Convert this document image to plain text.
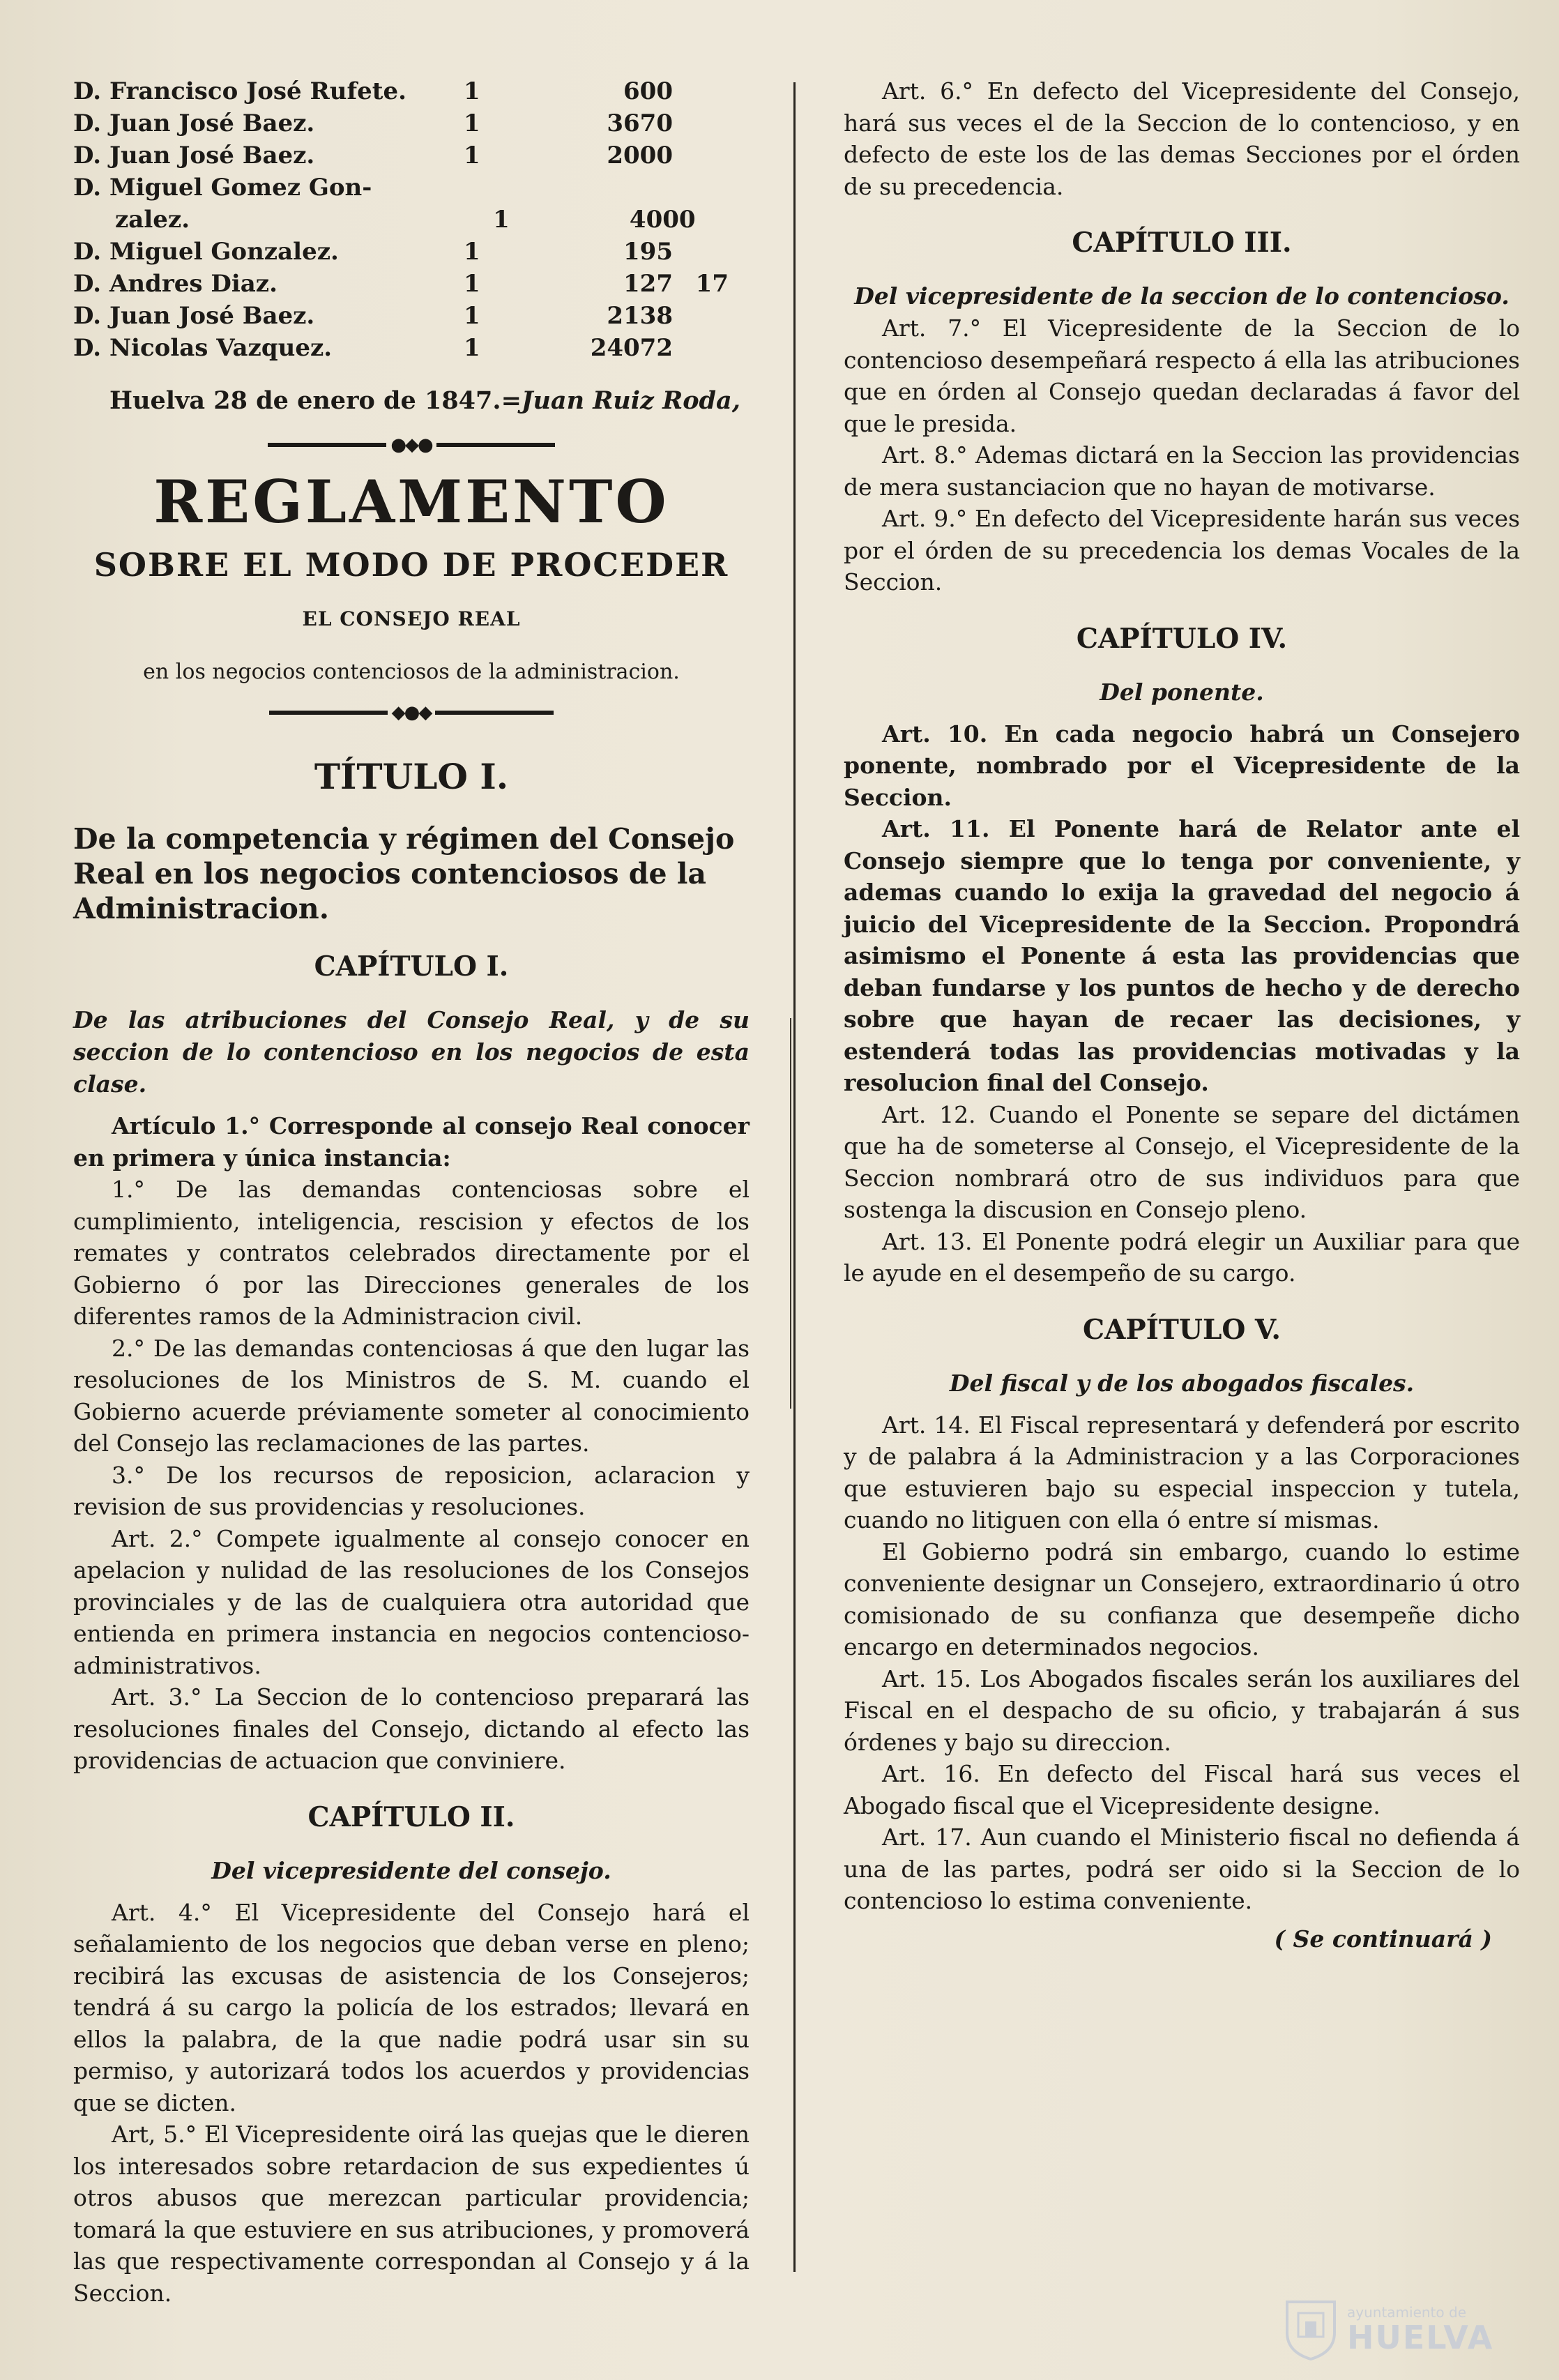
D. Francisco José Rufete.	1	600
D. Juan José Baez.	1	3670
D. Juan José Baez.	1	2000
D. Miguel Gomez Gon-
zalez.	1	4000
D. Miguel Gonzalez.	1	195
D. Andres Diaz.	1	127 17
D. Juan José Baez.	1	2138
D. Nicolas Vazquez.	1	24072

Huelva 28 de enero de 1847.=Juan Ruiz Roda,

●◆●

REGLAMENTO

SOBRE EL MODO DE PROCEDER

EL CONSEJO REAL

en los negocios contenciosos de la administracion.

◆●◆

TÍTULO I.

De la competencia y régimen del Consejo Real en los negocios contenciosos de la Administracion.

CAPÍTULO I.

De las atribuciones del Consejo Real, y de su seccion de lo contencioso en los negocios de esta clase.

Artículo 1.° Corresponde al consejo Real conocer en primera y única instancia:

1.° De las demandas contenciosas sobre el cumplimiento, inteligencia, rescision y efectos de los remates y contratos celebrados directamente por el Gobierno ó por las Direcciones generales de los diferentes ramos de la Administracion civil.

2.° De las demandas contenciosas á que den lugar las resoluciones de los Ministros de S. M. cuando el Gobierno acuerde préviamente someter al conocimiento del Consejo las reclamaciones de las partes.

3.° De los recursos de reposicion, aclaracion y revision de sus providencias y resoluciones.

Art. 2.° Compete igualmente al consejo conocer en apelacion y nulidad de las resoluciones de los Consejos provinciales y de las de cualquiera otra autoridad que entienda en primera instancia en negocios contencioso-administrativos.

Art. 3.° La Seccion de lo contencioso preparará las resoluciones finales del Consejo, dictando al efecto las providencias de actuacion que conviniere.

CAPÍTULO II.

Del vicepresidente del consejo.

Art. 4.° El Vicepresidente del Consejo hará el señalamiento de los negocios que deban verse en pleno; recibirá las excusas de asistencia de los Consejeros; tendrá á su cargo la policía de los estrados; llevará en ellos la palabra, de la que nadie podrá usar sin su permiso, y autorizará todos los acuerdos y providencias que se dicten.

Art, 5.° El Vicepresidente oirá las quejas que le dieren los interesados sobre retardacion de sus expedientes ú otros abusos que merezcan particular providencia; tomará la que estuviere en sus atribuciones, y promoverá las que respectivamente correspondan al Consejo y á la Seccion.

Art. 6.° En defecto del Vicepresidente del Consejo, hará sus veces el de la Seccion de lo contencioso, y en defecto de este los de las demas Secciones por el órden de su precedencia.

CAPÍTULO III.

Del vicepresidente de la seccion de lo contencioso.

Art. 7.° El Vicepresidente de la Seccion de lo contencioso desempeñará respecto á ella las atribuciones que en órden al Consejo quedan declaradas á favor del que le presida.

Art. 8.° Ademas dictará en la Seccion las providencias de mera sustanciacion que no hayan de motivarse.

Art. 9.° En defecto del Vicepresidente harán sus veces por el órden de su precedencia los demas Vocales de la Seccion.

CAPÍTULO IV.

Del ponente.

Art. 10. En cada negocio habrá un Consejero ponente, nombrado por el Vicepresidente de la Seccion.

Art. 11. El Ponente hará de Relator ante el Consejo siempre que lo tenga por conveniente, y ademas cuando lo exija la gravedad del negocio á juicio del Vicepresidente de la Seccion. Propondrá asimismo el Ponente á esta las providencias que deban fundarse y los puntos de hecho y de derecho sobre que hayan de recaer las decisiones, y estenderá todas las providencias motivadas y la resolucion final del Consejo.

Art. 12. Cuando el Ponente se separe del dictámen que ha de someterse al Consejo, el Vicepresidente de la Seccion nombrará otro de sus individuos para que sostenga la discusion en Consejo pleno.

Art. 13. El Ponente podrá elegir un Auxiliar para que le ayude en el desempeño de su cargo.

CAPÍTULO V.

Del fiscal y de los abogados fiscales.

Art. 14. El Fiscal representará y defenderá por escrito y de palabra á la Administracion y a las Corporaciones que estuvieren bajo su especial inspeccion y tutela, cuando no litiguen con ella ó entre sí mismas.

El Gobierno podrá sin embargo, cuando lo estime conveniente designar un Consejero, extraordinario ú otro comisionado de su confianza que desempeñe dicho encargo en determinados negocios.

Art. 15. Los Abogados fiscales serán los auxiliares del Fiscal en el despacho de su oficio, y trabajarán á sus órdenes y bajo su direccion.

Art. 16. En defecto del Fiscal hará sus veces el Abogado fiscal que el Vicepresidente designe.

Art. 17. Aun cuando el Ministerio fiscal no defienda á una de las partes, podrá ser oido si la Seccion de lo contencioso lo estima conveniente.

( Se continuará )

ayuntamiento de
HUELVA
